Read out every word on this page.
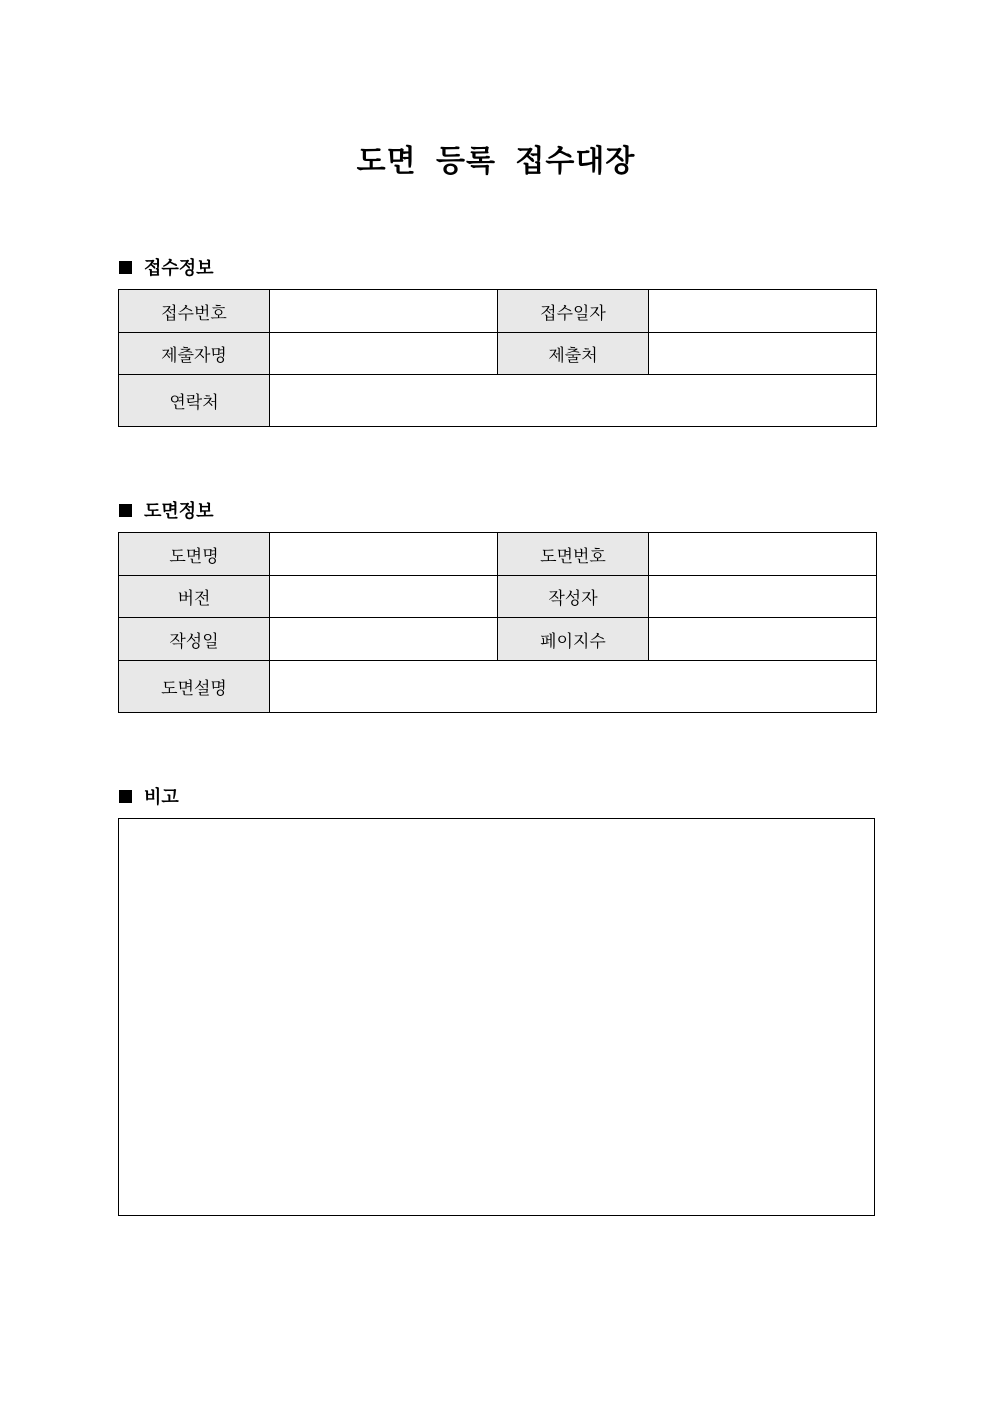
도면 등록 접수대장
접수정보
접수번호		접수일자	
제출자명		제출처	
연락처			
도면정보
도면명		도면번호	
버전		작성자	
작성일		페이지수	
도면설명			
비고
